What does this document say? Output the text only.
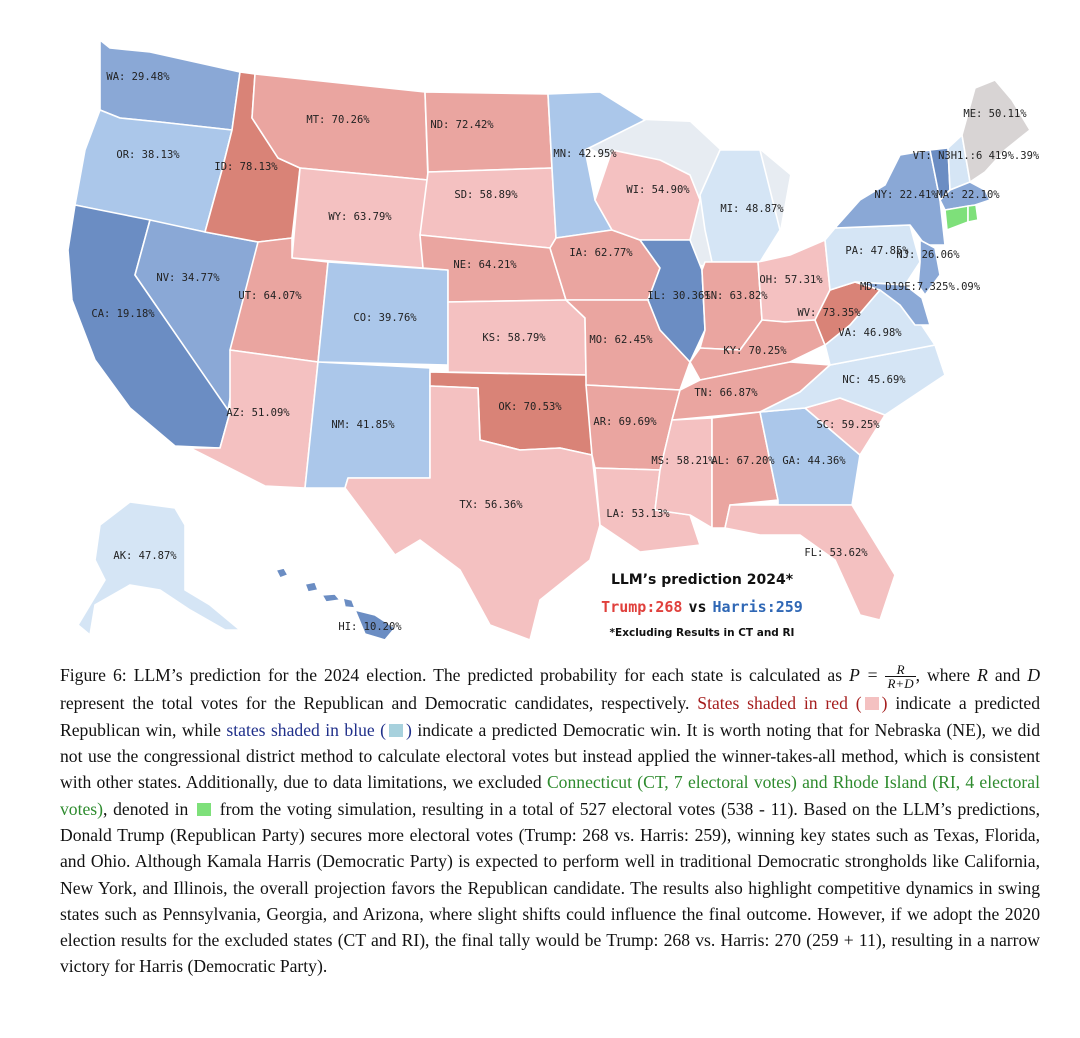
WA: 29.48%
OR: 38.13%
CA: 19.18%
NV: 34.77%
ID: 78.13%
MT: 70.26%
WY: 63.79%
UT: 64.07%
AZ: 51.09%
CO: 39.76%
NM: 41.85%
ND: 72.42%
SD: 58.89%
NE: 64.21%
KS: 58.79%
OK: 70.53%
TX: 56.36%
MN: 42.95%
IA: 62.77%
MO: 62.45%
AR: 69.69%
LA: 53.13%
WI: 54.90%
IL: 30.36%
MI: 48.87%
IN: 63.82%
OH: 57.31%
KY: 70.25%
TN: 66.87%
MS: 58.21%
AL: 67.20% GA: 44.36%
FL: 53.62%
SC: 59.25%
NC: 45.69%
VA: 46.98%
WV: 73.35%
PA: 47.85%
NY: 22.41%
NJ: 26.06%
MD: D19E:7.325%.09%
VT: N3H1.:6 419%.39%
MA: 22.10%
ME: 50.11%
AK: 47.87%
HI: 10.20%
LLM’s prediction 2024*
Trump:268 vs Harris:259
*Excluding Results in CT and RI
Figure 6: LLM’s prediction for the 2024 election. The predicted probability for each state is calculated as $P = \frac{R}{R+D}$ , where R and D represent the total votes for the Republican and Democratic candidates, respectively. States shaded in red ( ) indicate a predicted Republican win, while states shaded in blue ( ) indicate a predicted Democratic win. It is worth noting that for Nebraska (NE), we did not use the congressional district method to calculate electoral votes but instead applied the winner-takes-all method, which is consistent with other states. Additionally, due to data limitations, we excluded Connecticut (CT, 7 electoral votes) and Rhode Island (RI, 4 electoral votes), denoted in from the voting simulation, resulting in a total of 527 electoral votes (538 - 11). Based on the LLM’s predictions, Donald Trump (Republican Party) secures more electoral votes (Trump: 268 vs. Harris: 259), winning key states such as Texas, Florida, and Ohio. Although Kamala Harris (Democratic Party) is expected to perform well in traditional Democratic strongholds like California, New York, and Illinois, the overall projection favors the Republican candidate. The results also highlight competitive dynamics in swing states such as Pennsylvania, Georgia, and Arizona, where slight shifts could influence the final outcome. However, if we adopt the 2020 election results for the excluded states (CT and RI), the final tally would be Trump: 268 vs. Harris: 270 (259 + 11), resulting in a narrow victory for Harris (Democratic Party).
